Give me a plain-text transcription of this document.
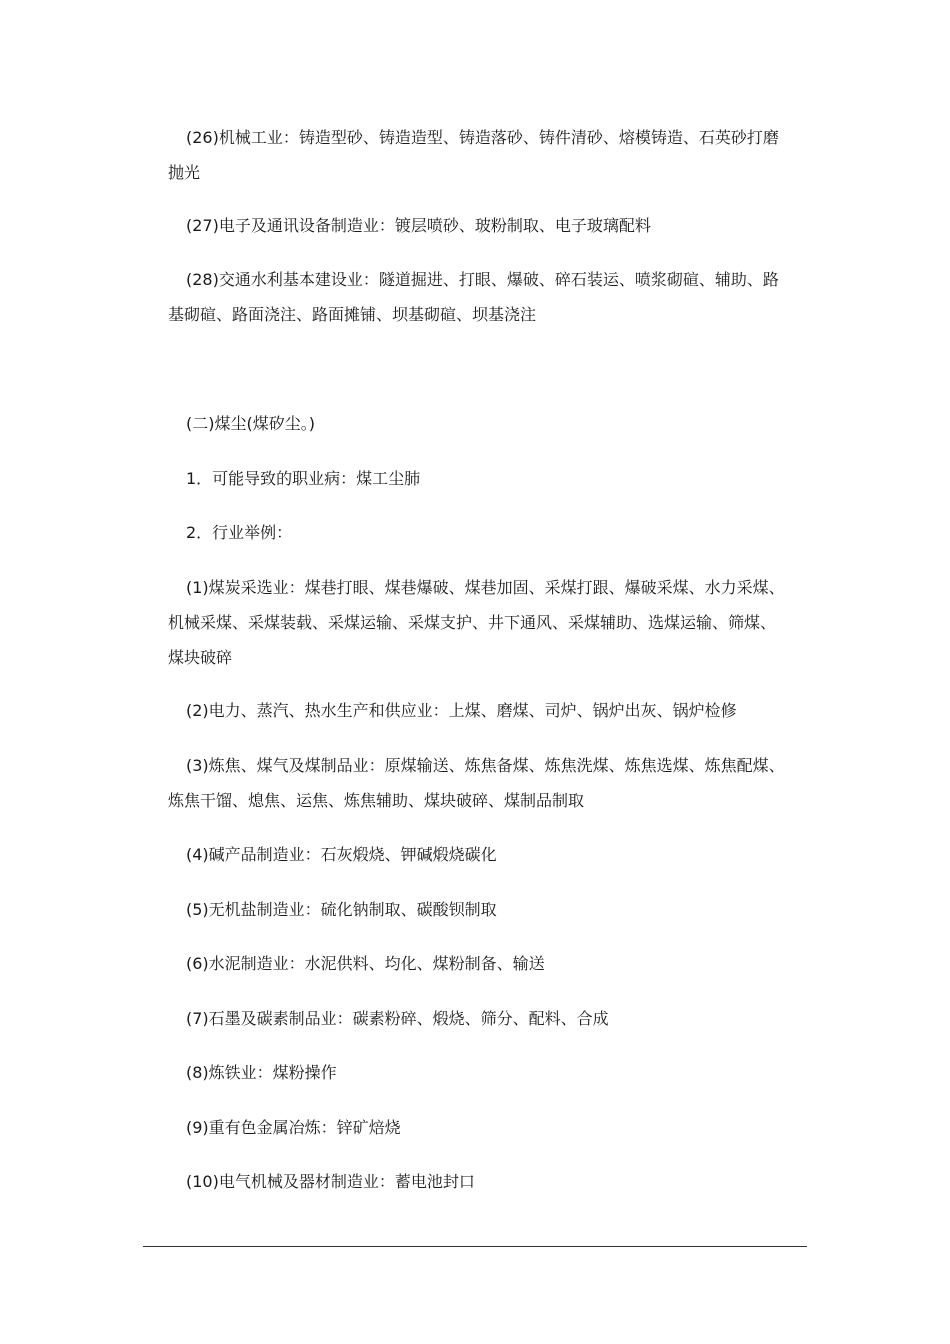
(26)机械工业：铸造型砂、铸造造型、铸造落砂、铸件清砂、熔模铸造、石英砂打磨抛光

(27)电子及通讯设备制造业：镀层喷砂、玻粉制取、电子玻璃配料

(28)交通水利基本建设业：隧道掘进、打眼、爆破、碎石装运、喷浆砌碹、辅助、路基砌碹、路面浇注、路面摊铺、坝基砌碹、坝基浇注

(二)煤尘(煤矽尘。)

1．可能导致的职业病：煤工尘肺

2．行业举例：

(1)煤炭采选业：煤巷打眼、煤巷爆破、煤巷加固、采煤打跟、爆破采煤、水力采煤、机械采煤、采煤装载、采煤运输、采煤支护、井下通风、采煤辅助、选煤运输、筛煤、煤块破碎

(2)电力、蒸汽、热水生产和供应业：上煤、磨煤、司炉、锅炉出灰、锅炉检修

(3)炼焦、煤气及煤制品业：原煤输送、炼焦备煤、炼焦洗煤、炼焦选煤、炼焦配煤、炼焦干馏、熄焦、运焦、炼焦辅助、煤块破碎、煤制品制取

(4)碱产品制造业：石灰煅烧、钾碱煅烧碳化

(5)无机盐制造业：硫化钠制取、碳酸钡制取

(6)水泥制造业：水泥供料、均化、煤粉制备、输送

(7)石墨及碳素制品业：碳素粉碎、煅烧、筛分、配料、合成

(8)炼铁业：煤粉操作

(9)重有色金属冶炼：锌矿焙烧

(10)电气机械及器材制造业：蓄电池封口
